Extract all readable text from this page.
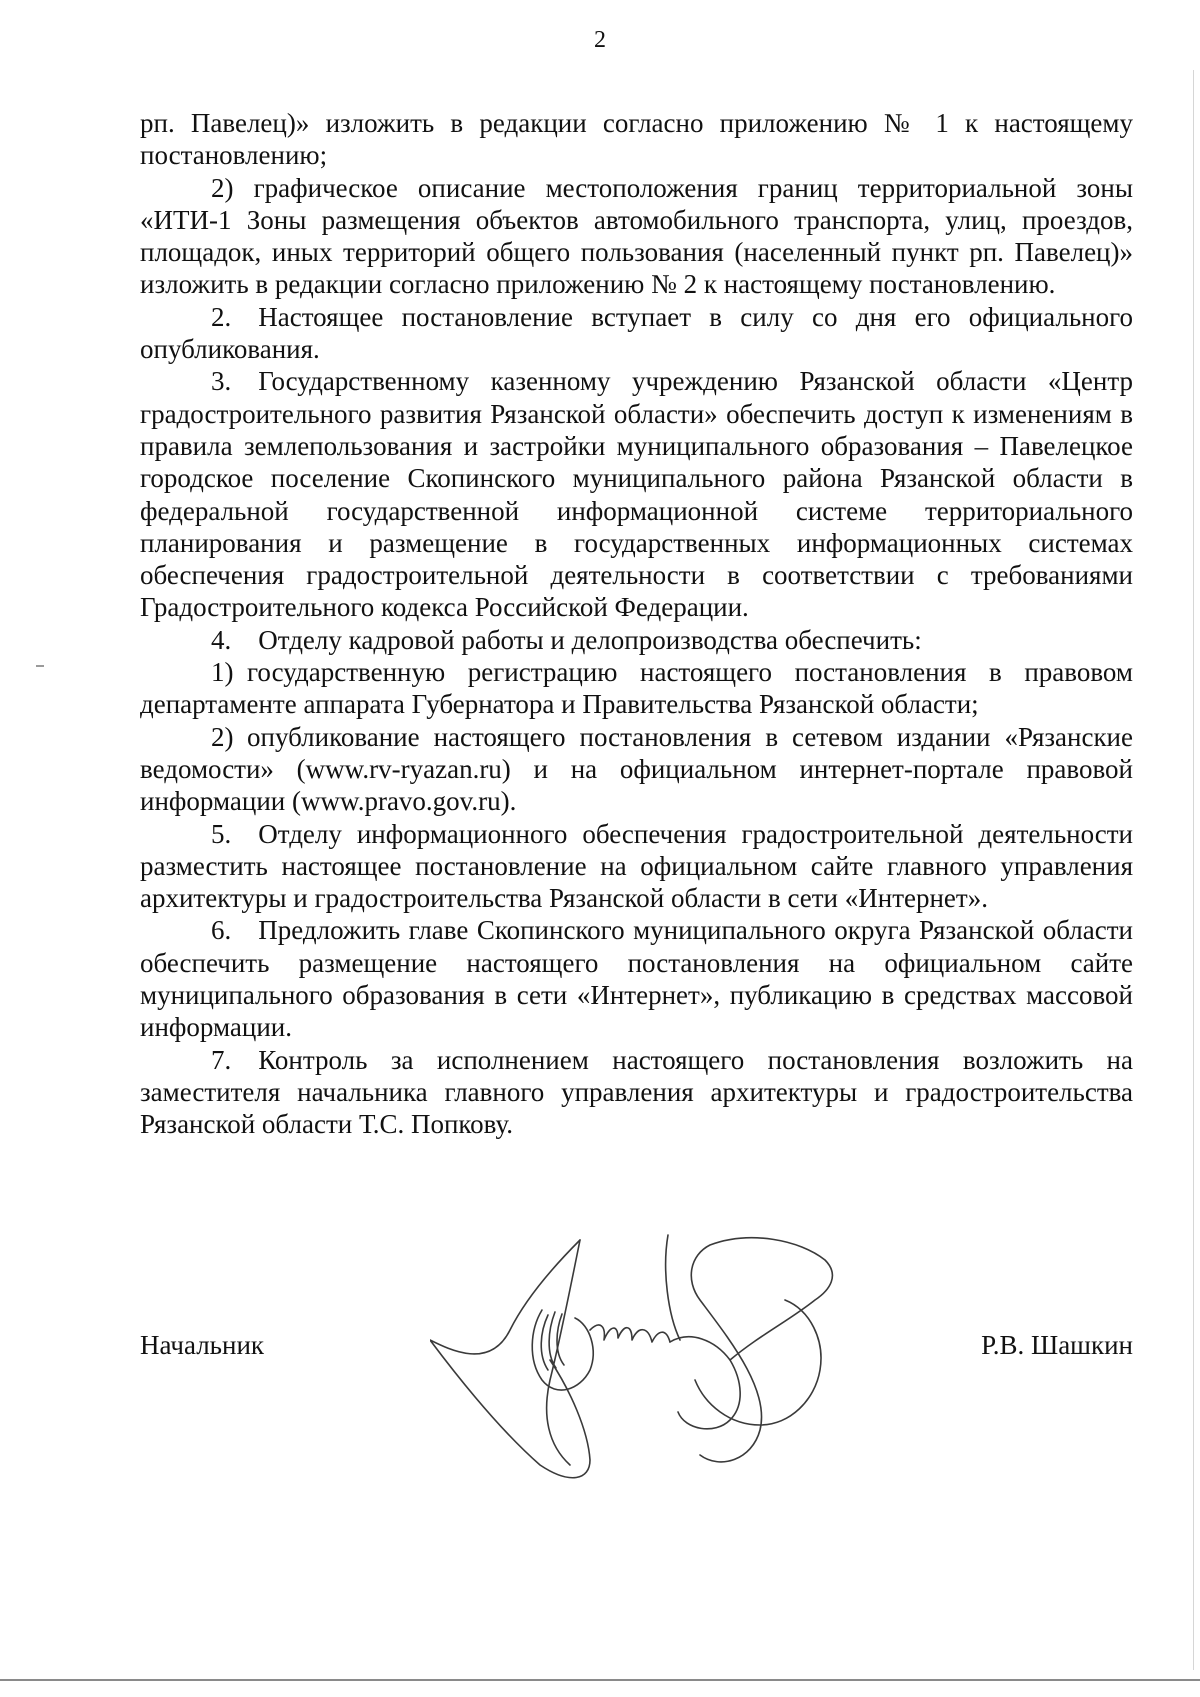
2

рп. Павелец)» изложить в редакции согласно приложению № 1 к настоящему постановлению;

2) графическое описание местоположения границ территориальной зоны «ИТИ-1 Зоны размещения объектов автомобильного транспорта, улиц, проездов, площадок, иных территорий общего пользования (населенный пункт рп. Павелец)» изложить в редакции согласно приложению № 2 к настоящему постановлению.

2. Настоящее постановление вступает в силу со дня его официального опубликования.

3. Государственному казенному учреждению Рязанской области «Центр градостроительного развития Рязанской области» обеспечить доступ к изменениям в правила землепользования и застройки муниципального образования – Павелецкое городское поселение Скопинского муниципального района Рязанской области в федеральной государственной информационной системе территориального планирования и размещение в государственных информационных системах обеспечения градостроительной деятельности в соответствии с требованиями Градостроительного кодекса Российской Федерации.

4. Отделу кадровой работы и делопроизводства обеспечить:

1) государственную регистрацию настоящего постановления в правовом департаменте аппарата Губернатора и Правительства Рязанской области;

2) опубликование настоящего постановления в сетевом издании «Рязанские ведомости» (www.rv-ryazan.ru) и на официальном интернет-портале правовой информации (www.pravo.gov.ru).

5. Отделу информационного обеспечения градостроительной деятельности разместить настоящее постановление на официальном сайте главного управления архитектуры и градостроительства Рязанской области в сети «Интернет».

6. Предложить главе Скопинского муниципального округа Рязанской области обеспечить размещение настоящего постановления на официальном сайте муниципального образования в сети «Интернет», публикацию в средствах массовой информации.

7. Контроль за исполнением настоящего постановления возложить на заместителя начальника главного управления архитектуры и градостроительства Рязанской области Т.С. Попкову.

Начальник	Р.В. Шашкин
